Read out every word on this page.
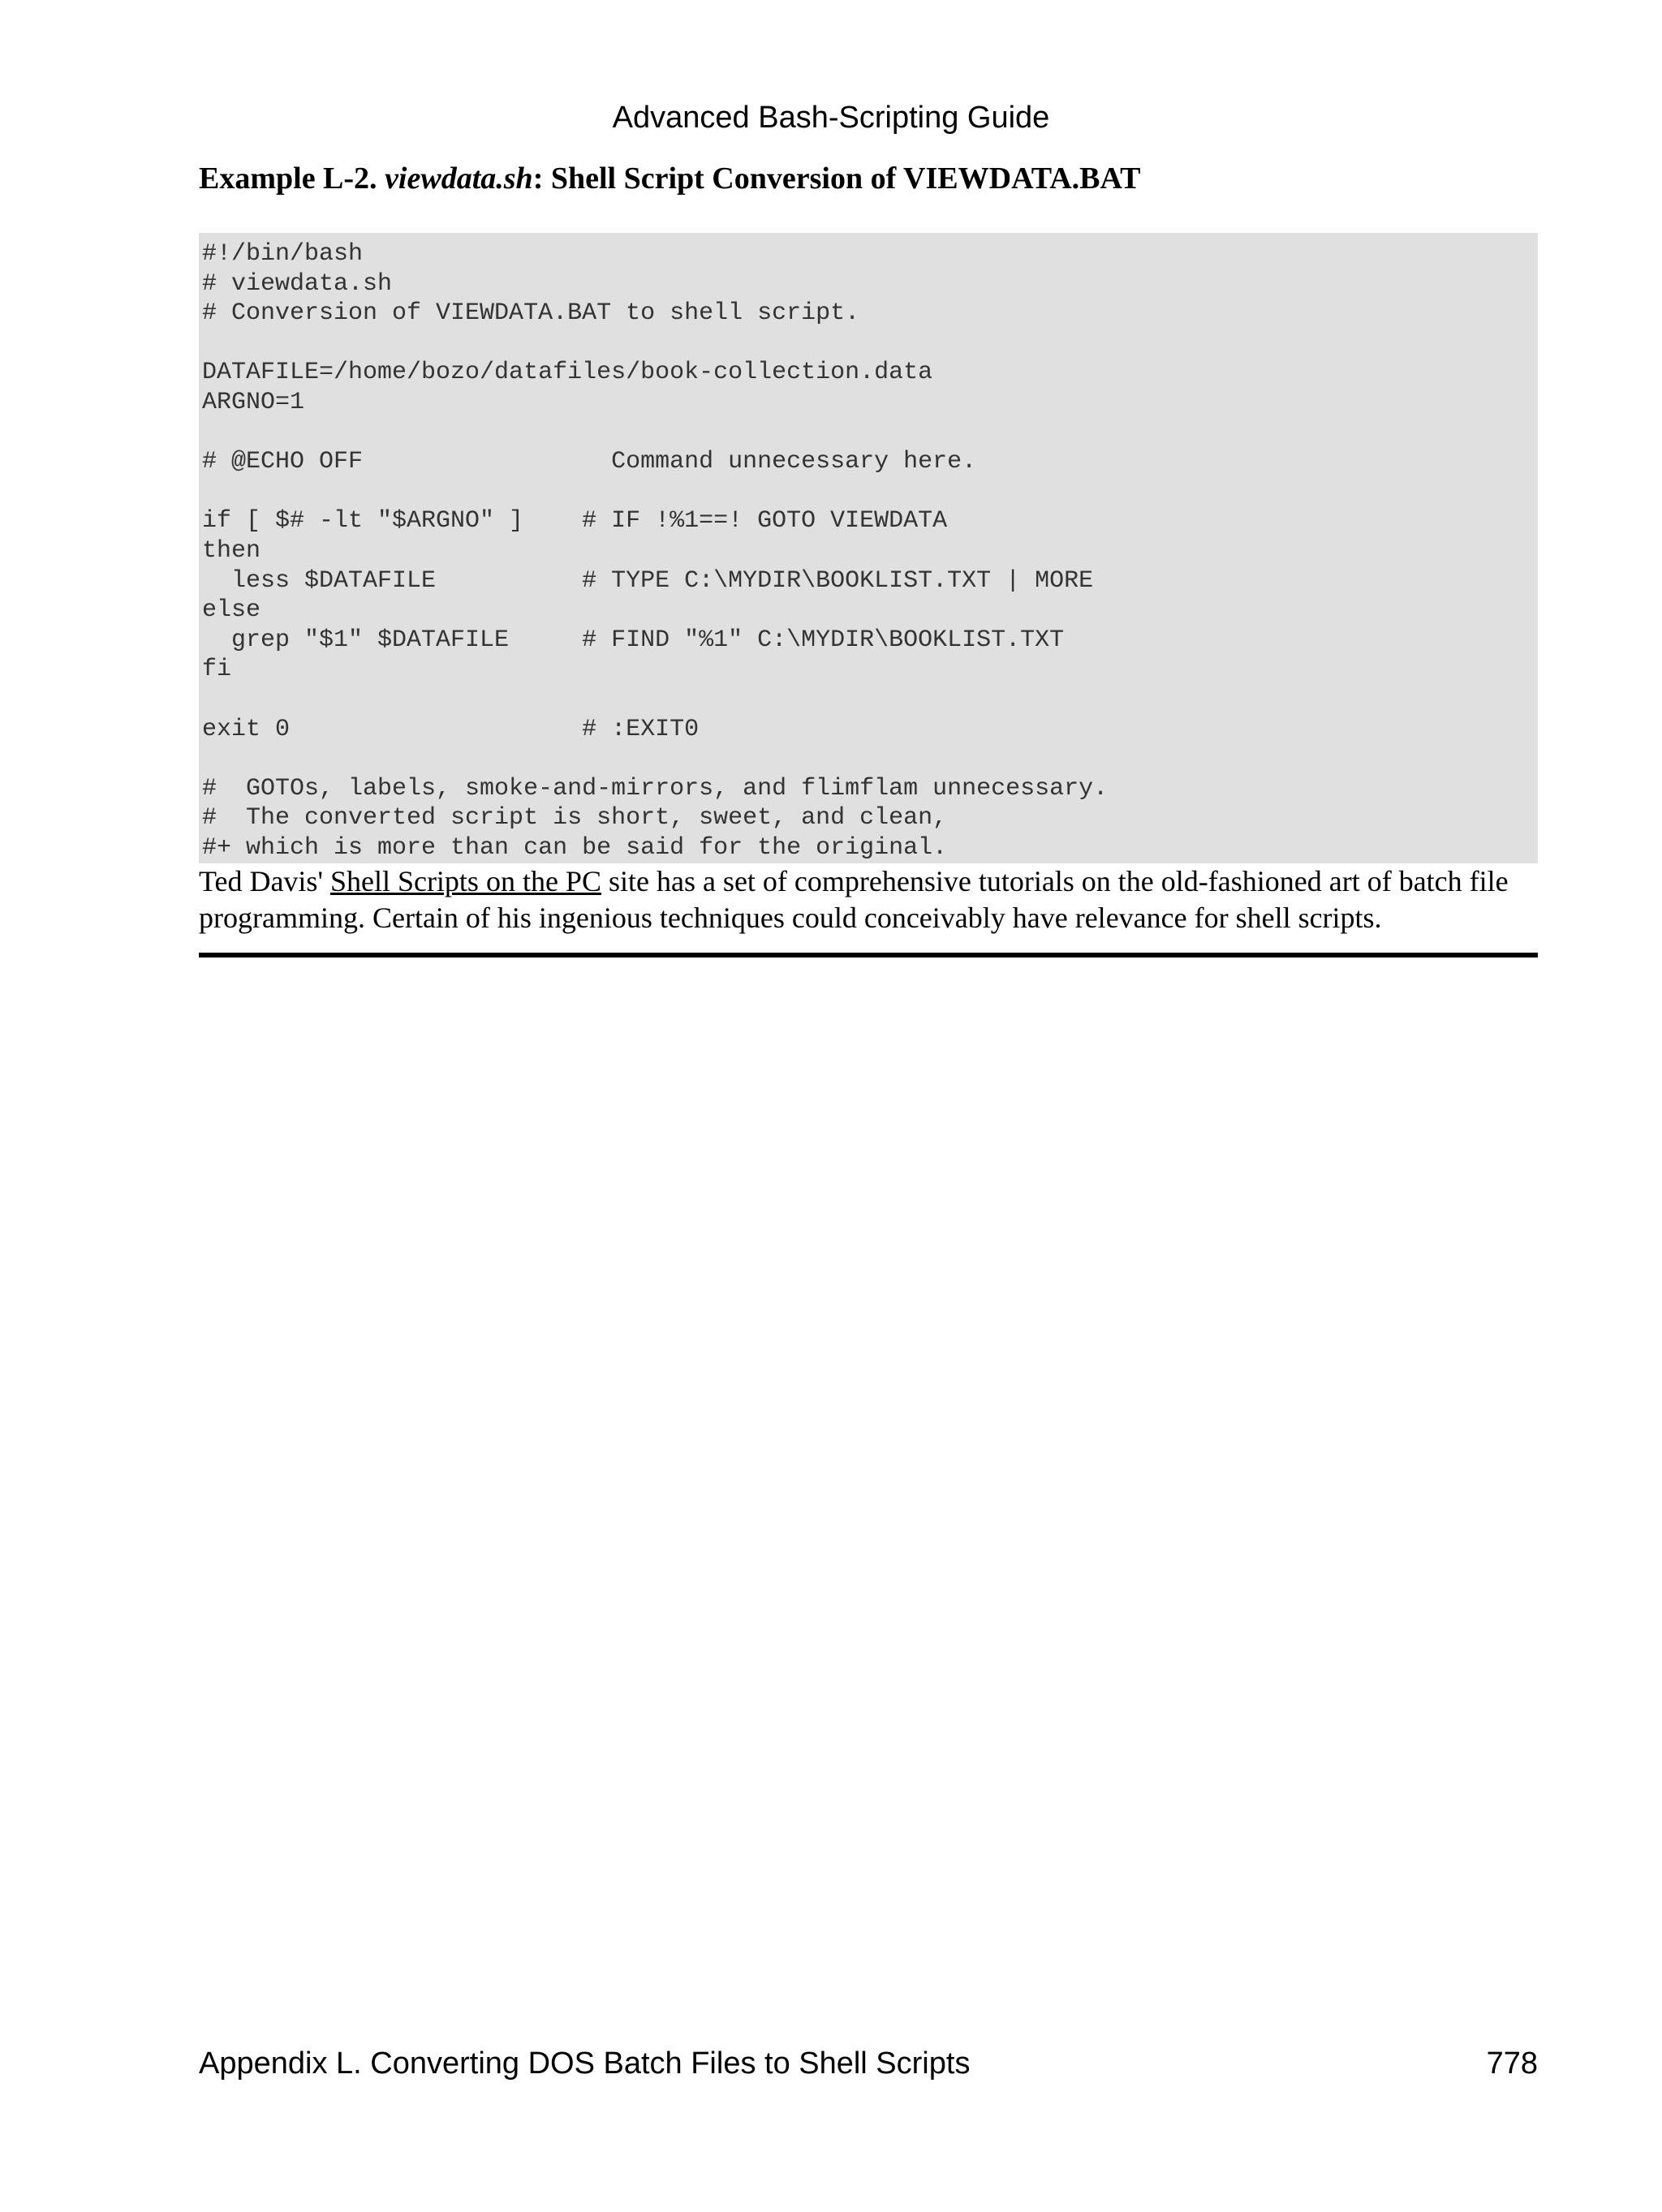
Advanced Bash-Scripting Guide
Example L-2. viewdata.sh: Shell Script Conversion of VIEWDATA.BAT
#!/bin/bash
# viewdata.sh
# Conversion of VIEWDATA.BAT to shell script.

DATAFILE=/home/bozo/datafiles/book-collection.data
ARGNO=1

# @ECHO OFF                 Command unnecessary here.

if [ $# -lt "$ARGNO" ]    # IF !%1==! GOTO VIEWDATA
then
less $DATAFILE          # TYPE C:\MYDIR\BOOKLIST.TXT | MORE
else
grep "$1" $DATAFILE     # FIND "%1" C:\MYDIR\BOOKLIST.TXT
fi

exit 0                    # :EXIT0

#  GOTOs, labels, smoke-and-mirrors, and flimflam unnecessary.
#  The converted script is short, sweet, and clean,
#+ which is more than can be said for the original.
Ted Davis' Shell Scripts on the PC site has a set of comprehensive tutorials on the old-fashioned art of batch file programming. Certain of his ingenious techniques could conceivably have relevance for shell scripts.
Appendix L. Converting DOS Batch Files to Shell Scripts	778
